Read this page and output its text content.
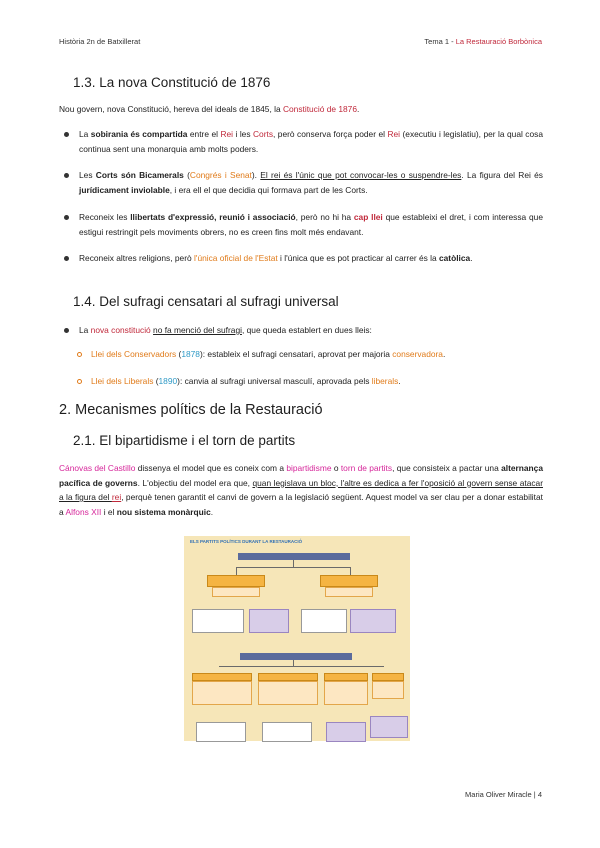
Història 2n de Batxillerat	Tema 1 - La Restauració Borbònica
1.3. La nova Constitució de 1876
Nou govern, nova Constitució, hereva del ideals de 1845, la Constitució de 1876.
La sobirania és compartida entre el Rei i les Corts, però conserva força poder el Rei (executiu i legislatiu), per la qual cosa continua sent una monarquia amb molts poders.
Les Corts són Bicamerals (Congrés i Senat). El rei és l'únic que pot convocar-les o suspendre-les. La figura del Rei és jurídicament inviolable, i era ell el que decidia qui formava part de les Corts.
Reconeix les llibertats d'expressió, reunió i associació, però no hi ha cap llei que estableixi el dret, i com interessa que estigui restringit pels moviments obrers, no es creen fins molt més endavant.
Reconeix altres religions, però l'única oficial de l'Estat i l'única que es pot practicar al carrer és la catòlica.
1.4. Del sufragi censatari al sufragi universal
La nova constitució no fa menció del sufragi, que queda establert en dues lleis:
Llei dels Conservadors (1878): estableix el sufragi censatari, aprovat per majoria conservadora.
Llei dels Liberals (1890): canvia al sufragi universal masculí, aprovada pels liberals.
2. Mecanismes polítics de la Restauració
2.1. El bipartidisme i el torn de partits
Cánovas del Castillo dissenya el model que es coneix com a bipartidisme o torn de partits, que consisteix a pactar una alternança pacífica de governs. L'objectiu del model era que, quan legislava un bloc, l'altre es dedica a fer l'oposició al govern sense atacar a la figura del rei, perquè tenen garantit el canvi de govern a la legislació següent. Aquest model va ser clau per a donar estabilitat a Alfons XII i el nou sistema monàrquic.
ELS PARTITS POLÍTICS DURANT LA RESTAURACIÓ
Maria Oliver Miracle | 4
